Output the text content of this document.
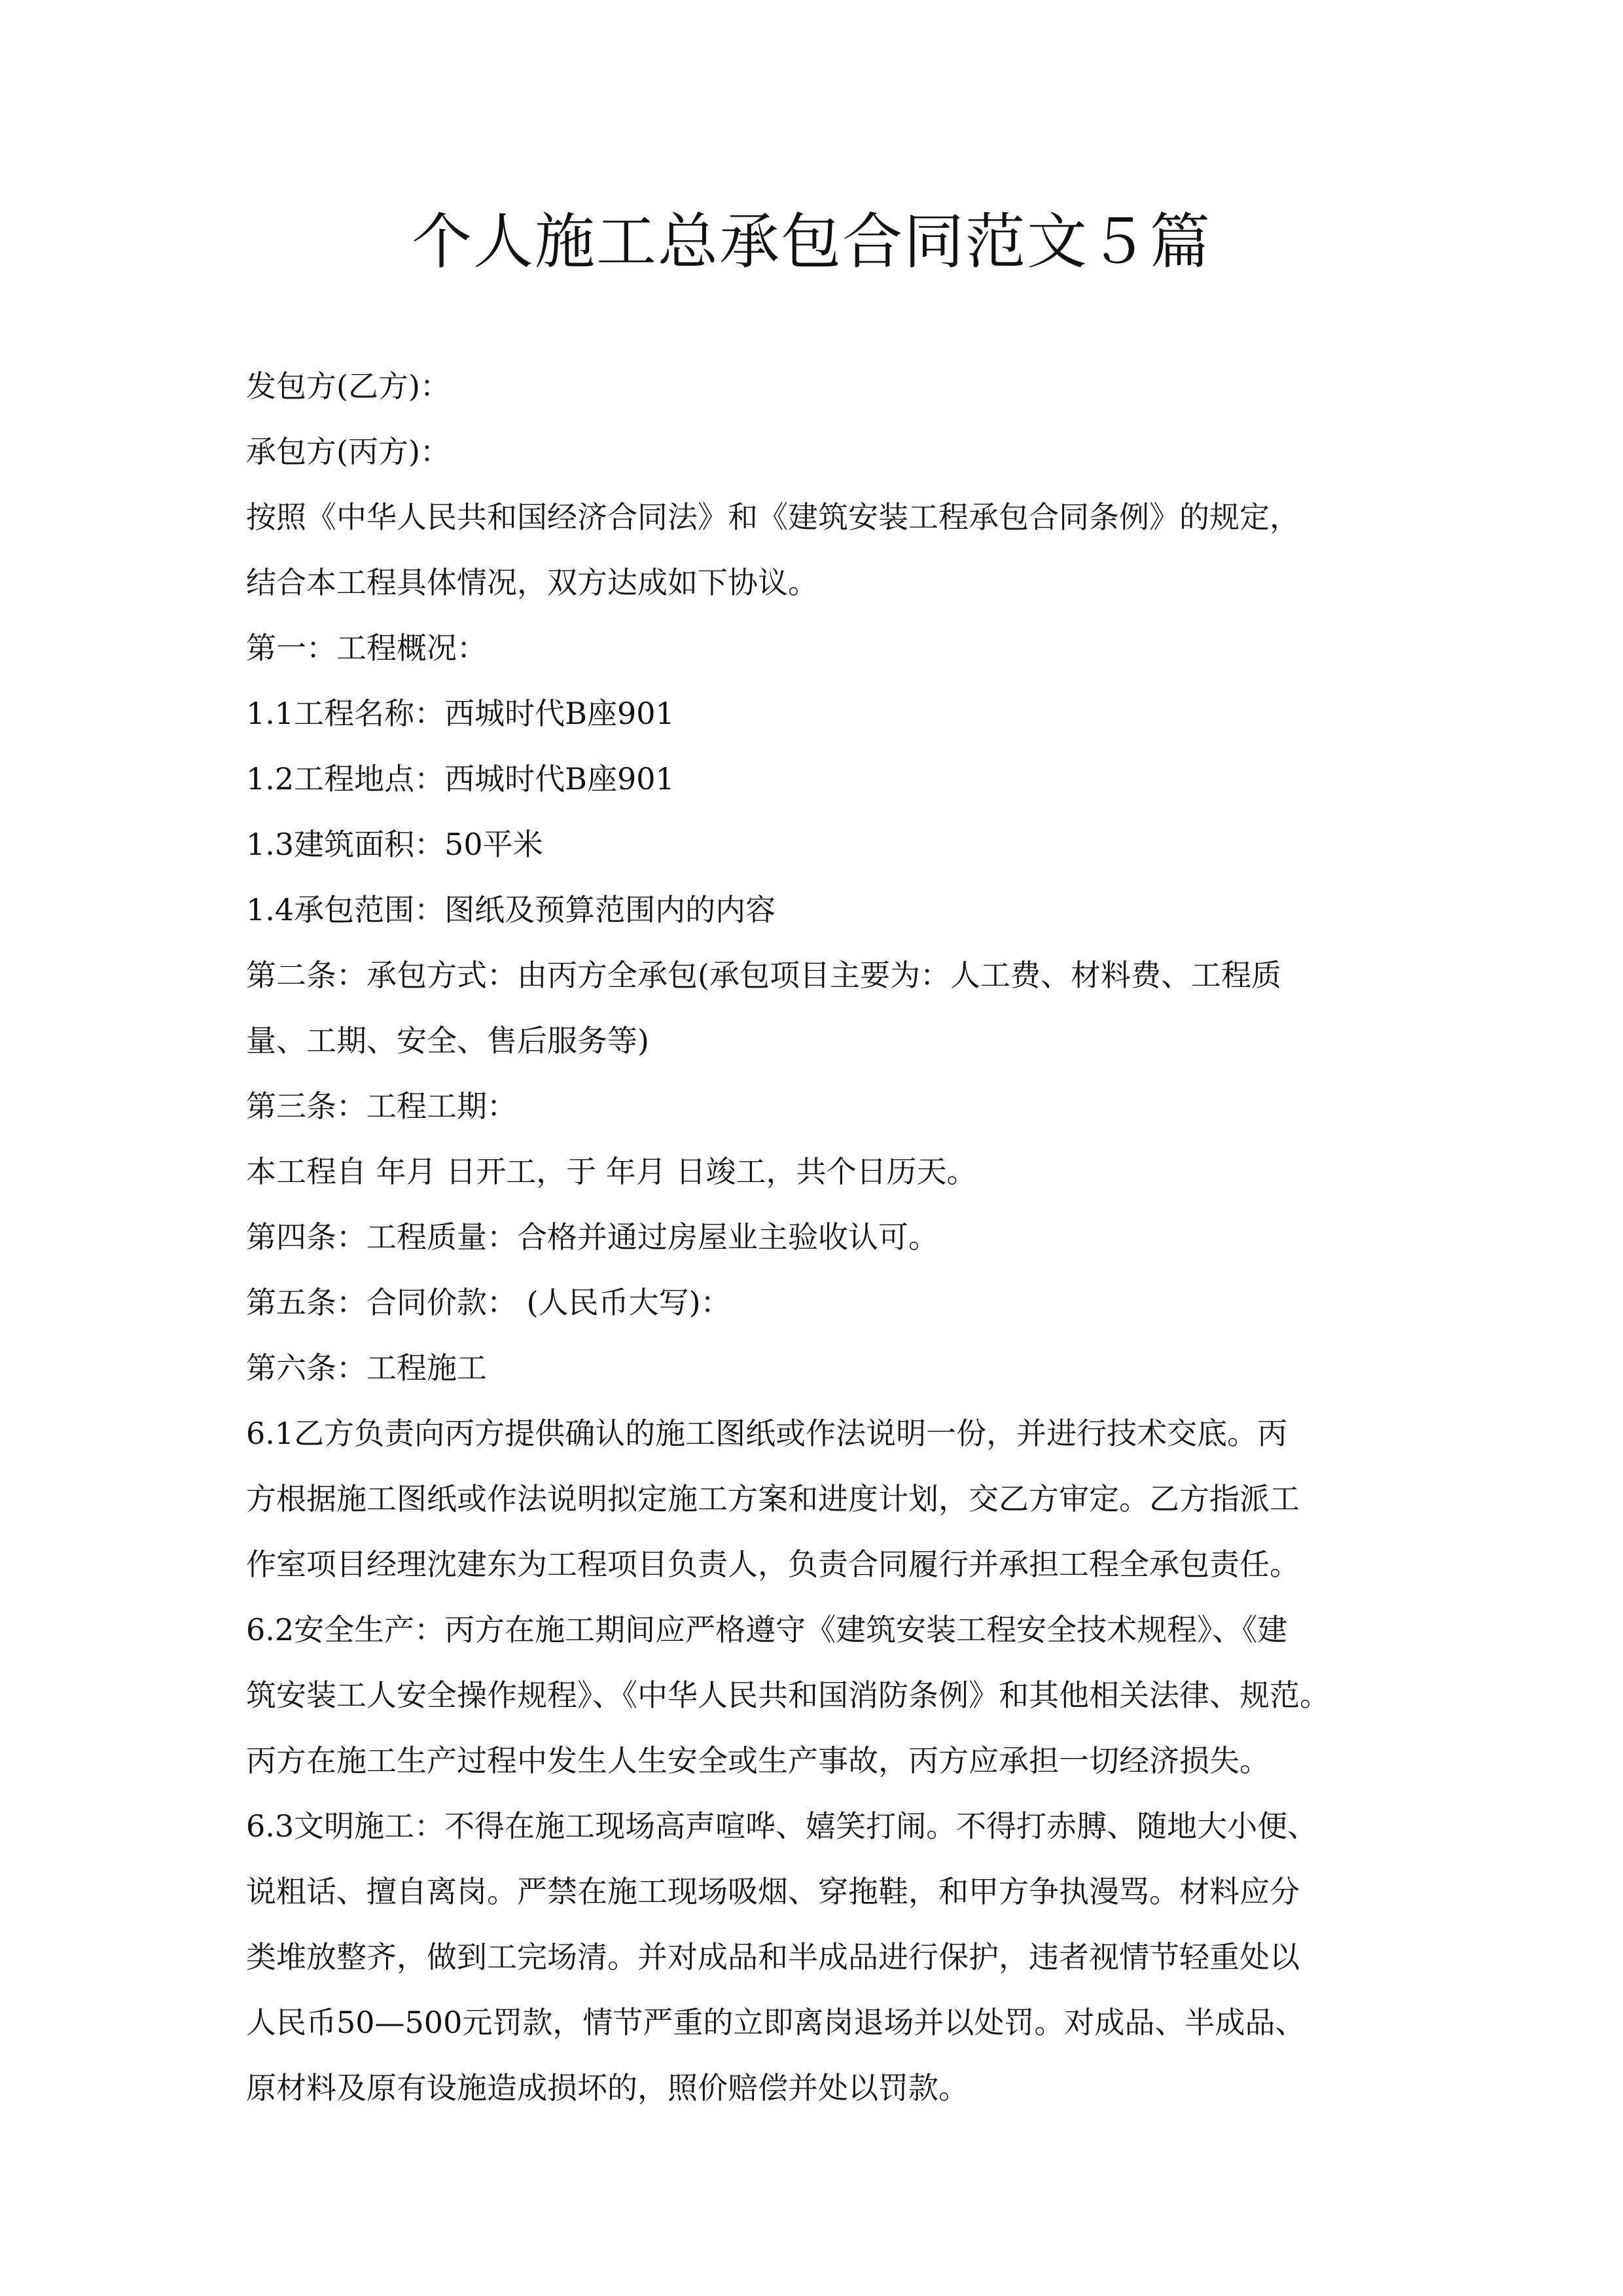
个人施工总承包合同范文５篇

发包方(乙方)：

承包方(丙方)：

按照《中华人民共和国经济合同法》和《建筑安装工程承包合同条例》的规定，

结合本工程具体情况，双方达成如下协议。

第一：工程概况：

1.1工程名称：西城时代B座901

1.2工程地点：西城时代B座901

1.3建筑面积：50平米

1.4承包范围：图纸及预算范围内的内容

第二条：承包方式：由丙方全承包(承包项目主要为：人工费、材料费、工程质

量、工期、安全、售后服务等)

第三条：工程工期：

本工程自 年月 日开工，于 年月 日竣工，共个日历天。

第四条：工程质量：合格并通过房屋业主验收认可。

第五条：合同价款： (人民币大写)：

第六条：工程施工

6.1乙方负责向丙方提供确认的施工图纸或作法说明一份，并进行技术交底。丙

方根据施工图纸或作法说明拟定施工方案和进度计划，交乙方审定。乙方指派工

作室项目经理沈建东为工程项目负责人，负责合同履行并承担工程全承包责任。

6.2安全生产：丙方在施工期间应严格遵守《建筑安装工程安全技术规程》、《建

筑安装工人安全操作规程》、《中华人民共和国消防条例》和其他相关法律、规范。

丙方在施工生产过程中发生人生安全或生产事故，丙方应承担一切经济损失。

6.3文明施工：不得在施工现场高声喧哗、嬉笑打闹。不得打赤膊、随地大小便、

说粗话、擅自离岗。严禁在施工现场吸烟、穿拖鞋，和甲方争执漫骂。材料应分

类堆放整齐，做到工完场清。并对成品和半成品进行保护，违者视情节轻重处以

人民币50—500元罚款，情节严重的立即离岗退场并以处罚。对成品、半成品、

原材料及原有设施造成损坏的，照价赔偿并处以罚款。
